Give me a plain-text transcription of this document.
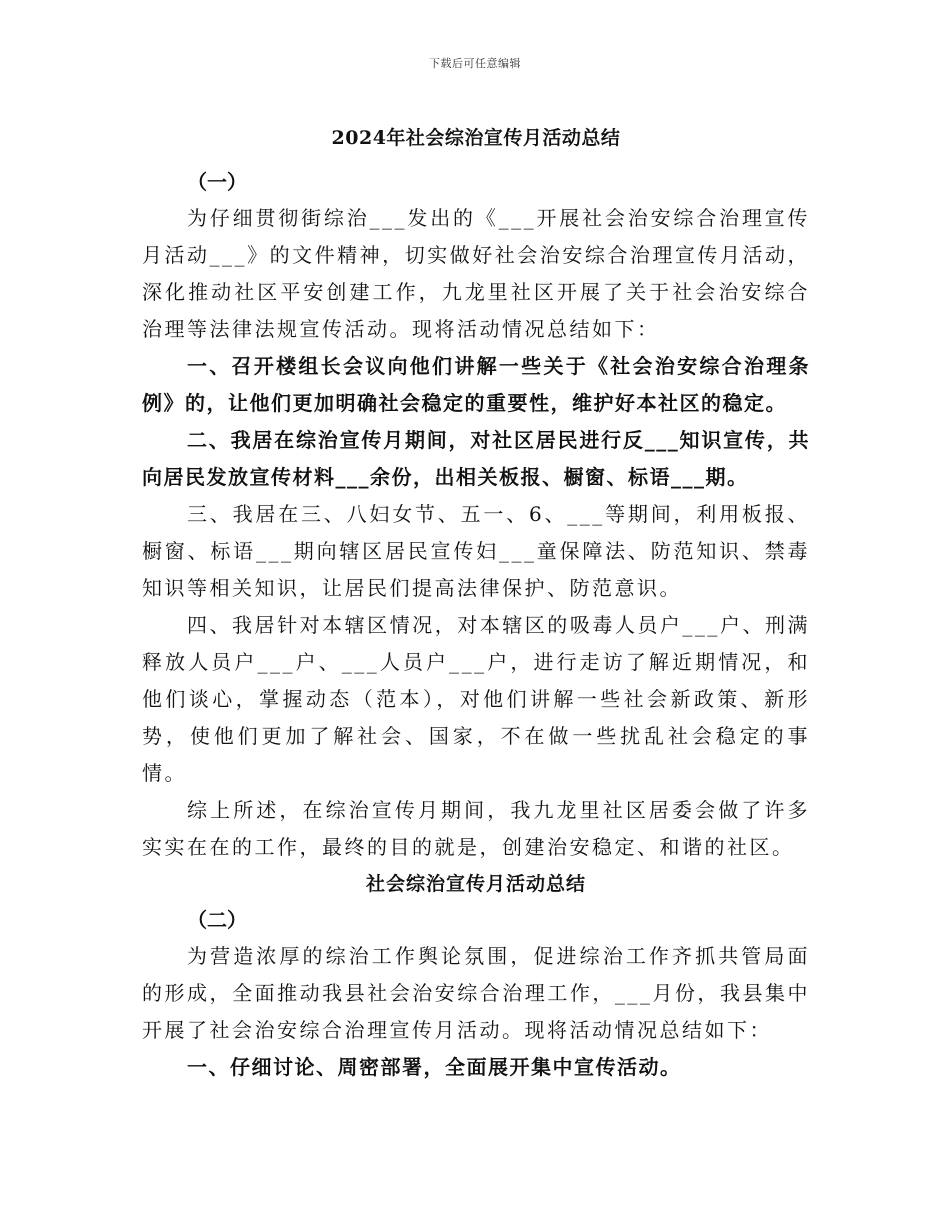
下载后可任意编辑
2024年社会综治宣传月活动总结
（一）

为仔细贯彻街综治___发出的《___开展社会治安综合治理宣传月活动___》的文件精神，切实做好社会治安综合治理宣传月活动，深化推动社区平安创建工作，九龙里社区开展了关于社会治安综合治理等法律法规宣传活动。现将活动情况总结如下：

一、召开楼组长会议向他们讲解一些关于《社会治安综合治理条例》的，让他们更加明确社会稳定的重要性，维护好本社区的稳定。

二、我居在综治宣传月期间，对社区居民进行反___知识宣传，共向居民发放宣传材料___余份，出相关板报、橱窗、标语___期。

三、我居在三、八妇女节、五一、6、___等期间，利用板报、橱窗、标语___期向辖区居民宣传妇___童保障法、防范知识、禁毒知识等相关知识，让居民们提高法律保护、防范意识。

四、我居针对本辖区情况，对本辖区的吸毒人员户___户、刑满释放人员户___户、___人员户___户，进行走访了解近期情况，和他们谈心，掌握动态（范本），对他们讲解一些社会新政策、新形势，使他们更加了解社会、国家，不在做一些扰乱社会稳定的事情。

综上所述，在综治宣传月期间，我九龙里社区居委会做了许多实实在在的工作，最终的目的就是，创建治安稳定、和谐的社区。

社会综治宣传月活动总结
（二）

为营造浓厚的综治工作舆论氛围，促进综治工作齐抓共管局面的形成，全面推动我县社会治安综合治理工作，___月份，我县集中开展了社会治安综合治理宣传月活动。现将活动情况总结如下：

一、仔细讨论、周密部署，全面展开集中宣传活动。
